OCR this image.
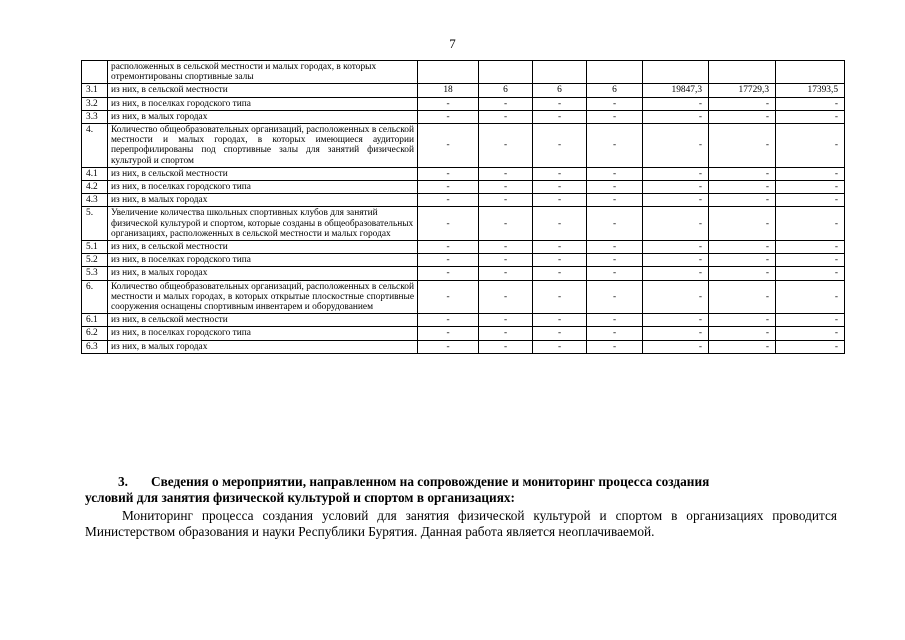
7
	расположенных в сельской местности и малых городах, в которых отремонтированы спортивные залы							
3.1	из них, в сельской местности	18	6	6	6	19847,3	17729,3	17393,5
3.2	из них, в поселках городского типа	-	-	-	-	-	-	-
3.3	из них, в малых городах	-	-	-	-	-	-	-
4.	Количество общеобразовательных организаций, расположенных в сельской местности и малых городах, в которых имеющиеся аудитории перепрофилированы под спортивные залы для занятий физической культурой и спортом	-	-	-	-	-	-	-
4.1	из них, в сельской местности	-	-	-	-	-	-	-
4.2	из них, в поселках городского типа	-	-	-	-	-	-	-
4.3	из них, в малых городах	-	-	-	-	-	-	-
5.	Увеличение количества школьных спортивных клубов для занятий физической культурой и спортом, которые созданы в общеобразовательных организациях, расположенных в сельской местности и малых городах	-	-	-	-	-	-	-
5.1	из них, в сельской местности	-	-	-	-	-	-	-
5.2	из них, в поселках городского типа	-	-	-	-	-	-	-
5.3	из них, в малых городах	-	-	-	-	-	-	-
6.	Количество общеобразовательных организаций, расположенных в сельской местности и малых городах, в которых открытые плоскостные спортивные сооружения оснащены спортивным инвентарем и оборудованием	-	-	-	-	-	-	-
6.1	из них, в сельской местности	-	-	-	-	-	-	-
6.2	из них, в поселках городского типа	-	-	-	-	-	-	-
6.3	из них, в малых городах	-	-	-	-	-	-	-
3. Сведения о мероприятии, направленном на сопровождение и мониторинг процесса создания
условий для занятия физической культурой и спортом в организациях:
Мониторинг процесса создания условий для занятия физической культурой и спортом в организациях проводится Министерством образования и науки Республики Бурятия. Данная работа является неоплачиваемой.
